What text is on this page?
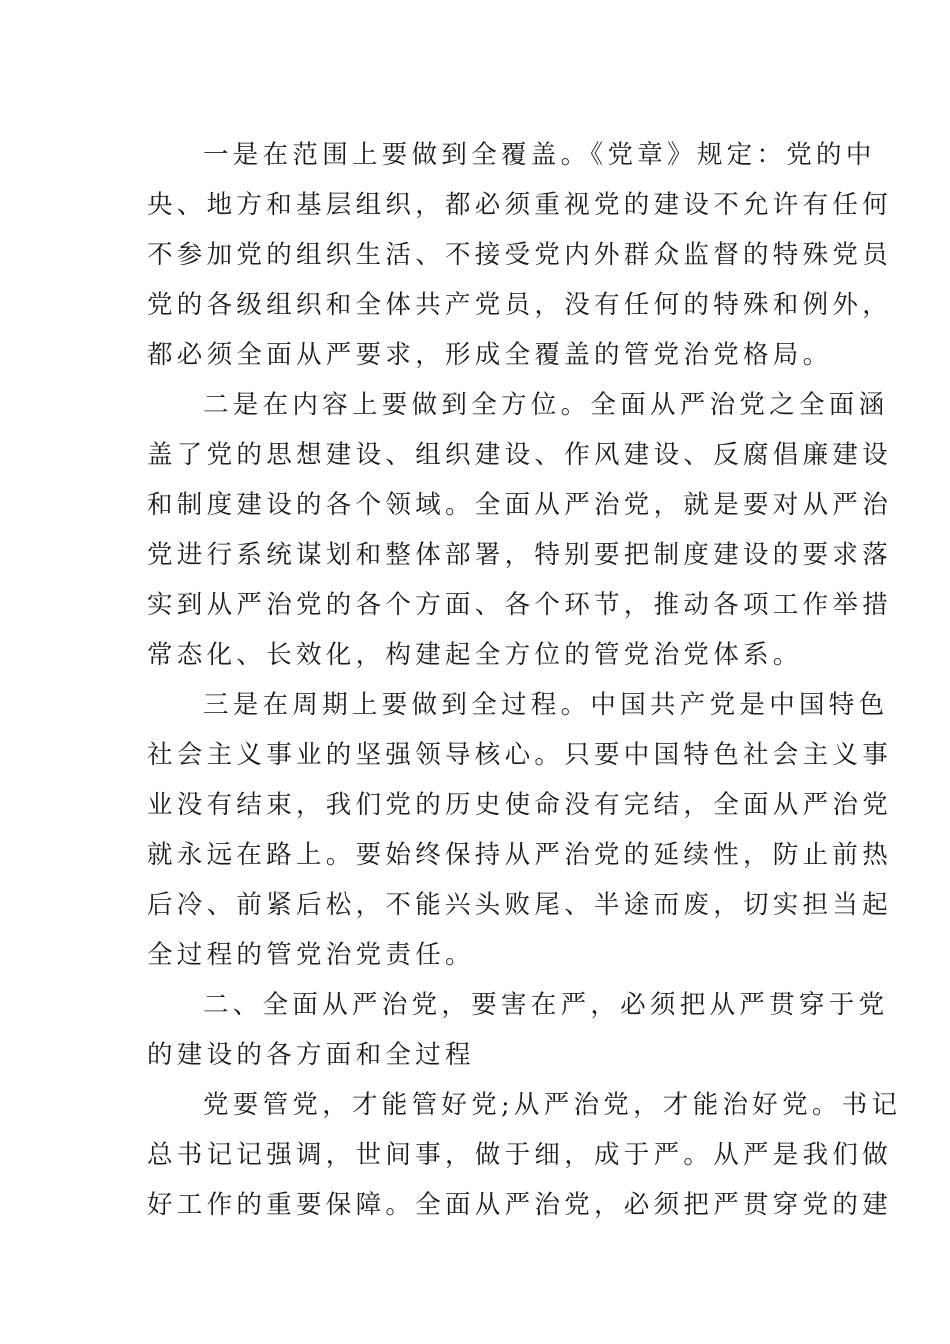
一是在范围上要做到全覆盖。《党章》规定：党的中
央、地方和基层组织，都必须重视党的建设不允许有任何
不参加党的组织生活、不接受党内外群众监督的特殊党员
党的各级组织和全体共产党员，没有任何的特殊和例外，
都必须全面从严要求，形成全覆盖的管党治党格局。

二是在内容上要做到全方位。全面从严治党之全面涵
盖了党的思想建设、组织建设、作风建设、反腐倡廉建设
和制度建设的各个领域。全面从严治党，就是要对从严治
党进行系统谋划和整体部署，特别要把制度建设的要求落
实到从严治党的各个方面、各个环节，推动各项工作举措
常态化、长效化，构建起全方位的管党治党体系。

三是在周期上要做到全过程。中国共产党是中国特色
社会主义事业的坚强领导核心。只要中国特色社会主义事
业没有结束，我们党的历史使命没有完结，全面从严治党
就永远在路上。要始终保持从严治党的延续性，防止前热
后冷、前紧后松，不能兴头败尾、半途而废，切实担当起
全过程的管党治党责任。

二、全面从严治党，要害在严，必须把从严贯穿于党
的建设的各方面和全过程

党要管党，才能管好党;从严治党，才能治好党。书记
总书记记强调，世间事，做于细，成于严。从严是我们做
好工作的重要保障。全面从严治党，必须把严贯穿党的建
